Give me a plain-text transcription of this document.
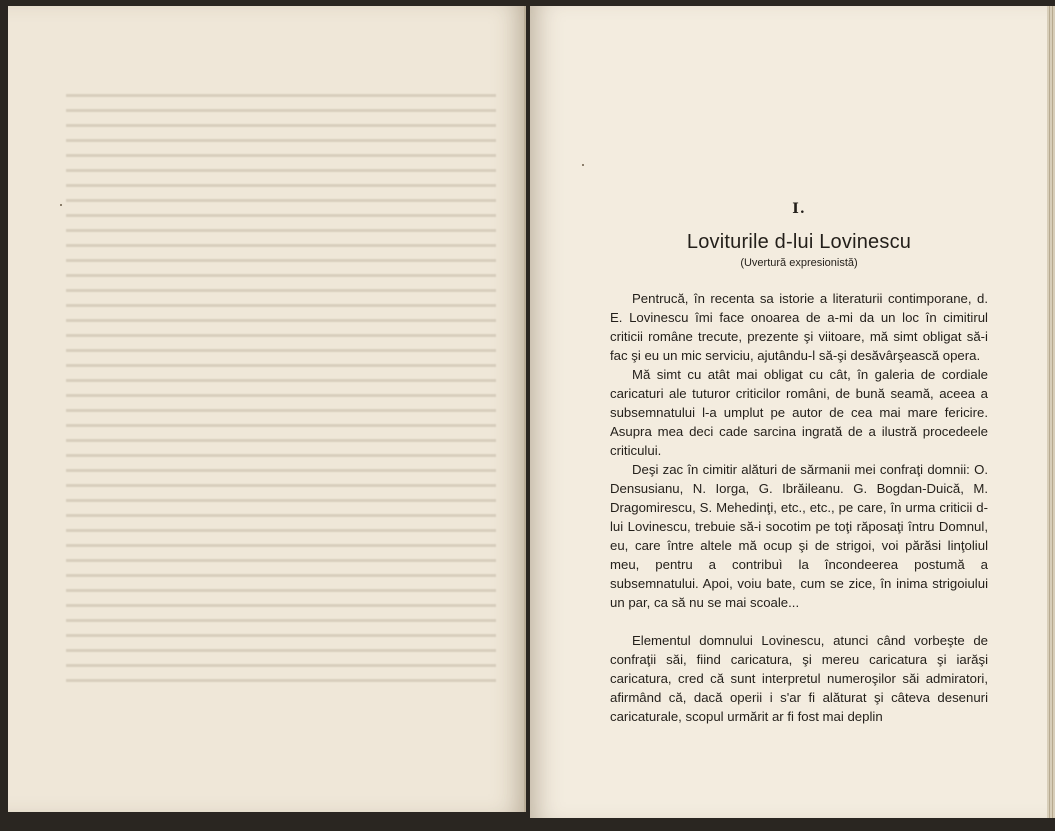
I.

Loviturile d-lui Lovinescu

(Uvertură expresionistă)

Pentrucă, în recenta sa istorie a literaturii contimporane, d. E. Lovinescu îmi face onoarea de a-mi da un loc în cimitirul criticii române trecute, prezente şi viitoare, mă simt obligat să-i fac şi eu un mic serviciu, ajutându-l să-şi desăvârşească opera.

Mă simt cu atât mai obligat cu cât, în galeria de cordiale caricaturi ale tuturor criticilor români, de bună seamă, aceea a subsemnatului l-a umplut pe autor de cea mai mare fericire. Asupra mea deci cade sarcina ingrată de a ilustră procedeele criticului.

Deşi zac în cimitir alături de sărmanii mei confraţi domnii: O. Densusianu, N. Iorga, G. Ibrăileanu. G. Bogdan-Duică, M. Dragomirescu, S. Mehedinţi, etc., etc., pe care, în urma criticii d-lui Lovinescu, trebuie să-i socotim pe toţi răposaţi întru Domnul, eu, care între altele mă ocup şi de strigoi, voi părăsi linţoliul meu, pentru a contribuì la încondeerea postumă a subsemnatului. Apoi, voiu bate, cum se zice, în inima strigoiului un par, ca să nu se mai scoale...

Elementul domnului Lovinescu, atunci când vorbeşte de confraţii săi, fiind caricatura, şi mereu caricatura şi iarăşi caricatura, cred că sunt interpretul numeroşilor săi admiratori, afirmând că, dacă operii i s'ar fi alăturat şi câteva desenuri caricaturale, scopul urmărit ar fi fost mai deplin
